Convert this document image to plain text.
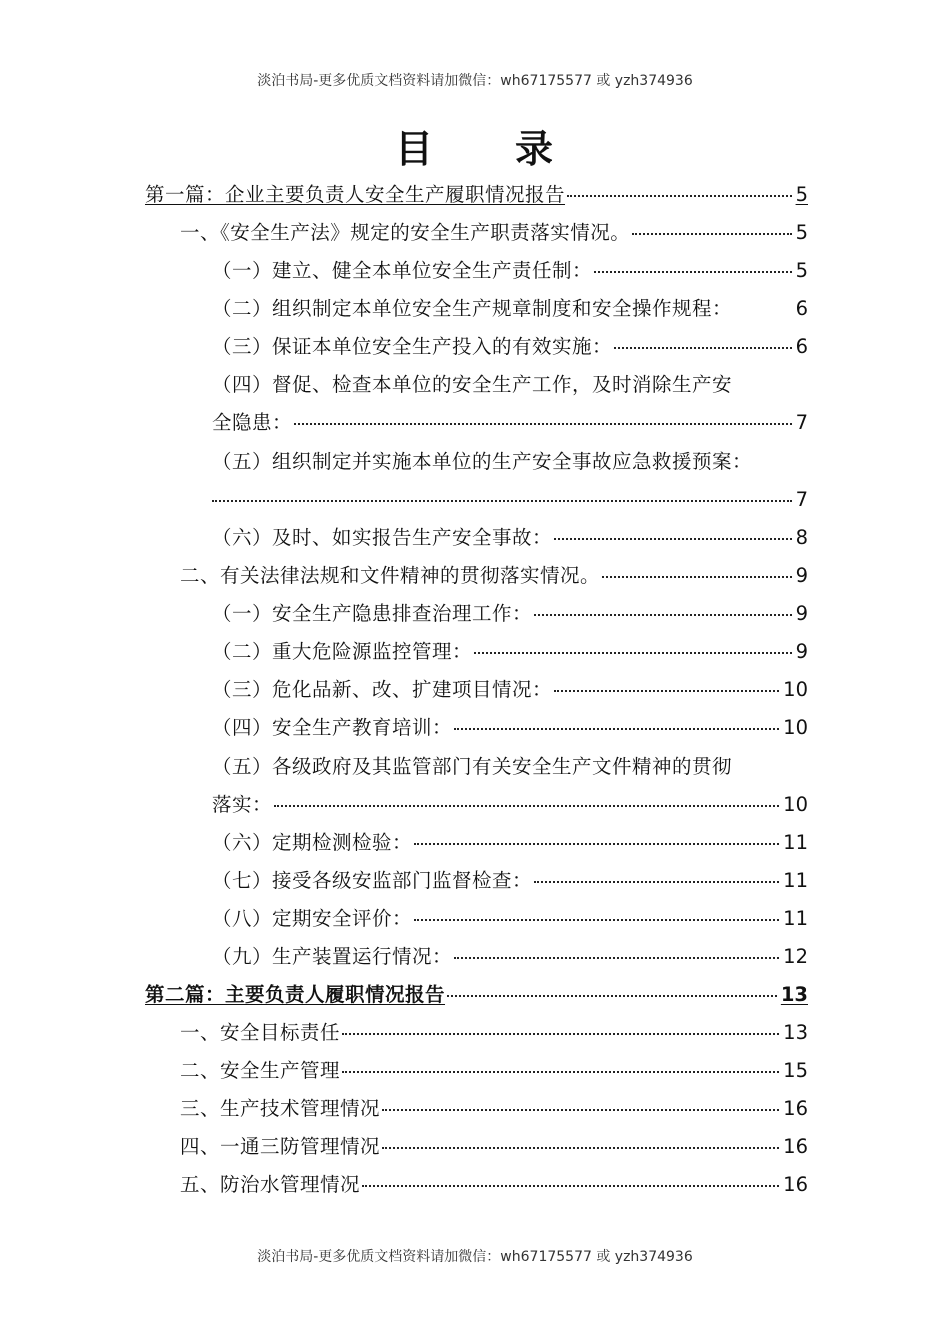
淡泊书局-更多优质文档资料请加微信：wh67175577 或 yzh374936
目 录
第一篇：企业主要负责人安全生产履职情况报告	5
一、《安全生产法》规定的安全生产职责落实情况。	5
（一）建立、健全本单位安全生产责任制：	5
（二）组织制定本单位安全生产规章制度和安全操作规程：	6
（三）保证本单位安全生产投入的有效实施：	6
（四）督促、检查本单位的安全生产工作，及时消除生产安
全隐患：	7
（五）组织制定并实施本单位的生产安全事故应急救援预案：
7
（六）及时、如实报告生产安全事故：	8
二、有关法律法规和文件精神的贯彻落实情况。	9
（一）安全生产隐患排查治理工作：	9
（二）重大危险源监控管理：	9
（三）危化品新、改、扩建项目情况：	10
（四）安全生产教育培训：	10
（五）各级政府及其监管部门有关安全生产文件精神的贯彻
落实：	10
（六）定期检测检验：	11
（七）接受各级安监部门监督检查：	11
（八）定期安全评价：	11
（九）生产装置运行情况：	12
第二篇：主要负责人履职情况报告	13
一、安全目标责任	13
二、安全生产管理	15
三、生产技术管理情况	16
四、一通三防管理情况	16
五、防治水管理情况	16
淡泊书局-更多优质文档资料请加微信：wh67175577 或 yzh374936
